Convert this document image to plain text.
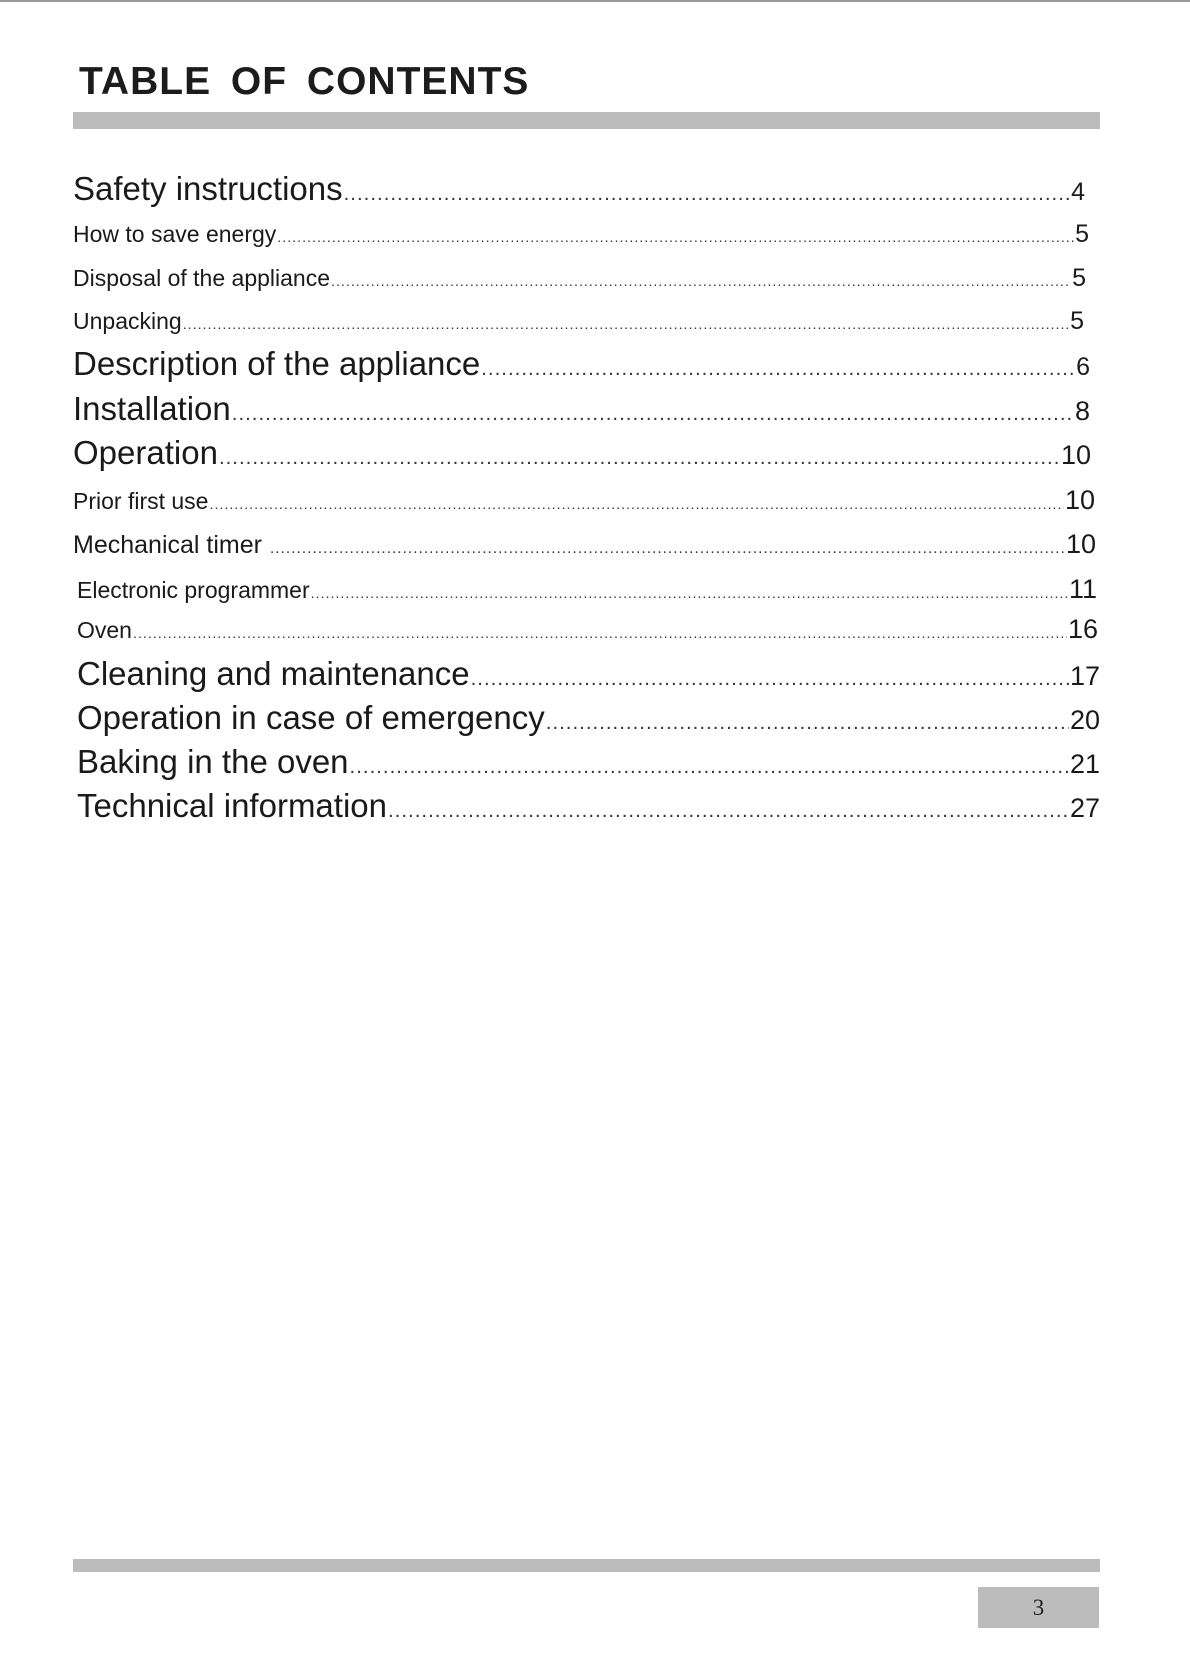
TABLE OF CONTENTS
Safety instructions .....	4
How to save energy .....	5
Disposal of the appliance .....	5
Unpacking .....	5
Description of the appliance .....	6
Installation .....	8
Operation .....	10
Prior first use .....	10
Mechanical timer .....	10
Electronic programmer .....	11
Oven .....	16
Cleaning and maintenance .....	17
Operation in case of emergency .....	20
Baking in the oven .....	21
Technical information .....	27
3
